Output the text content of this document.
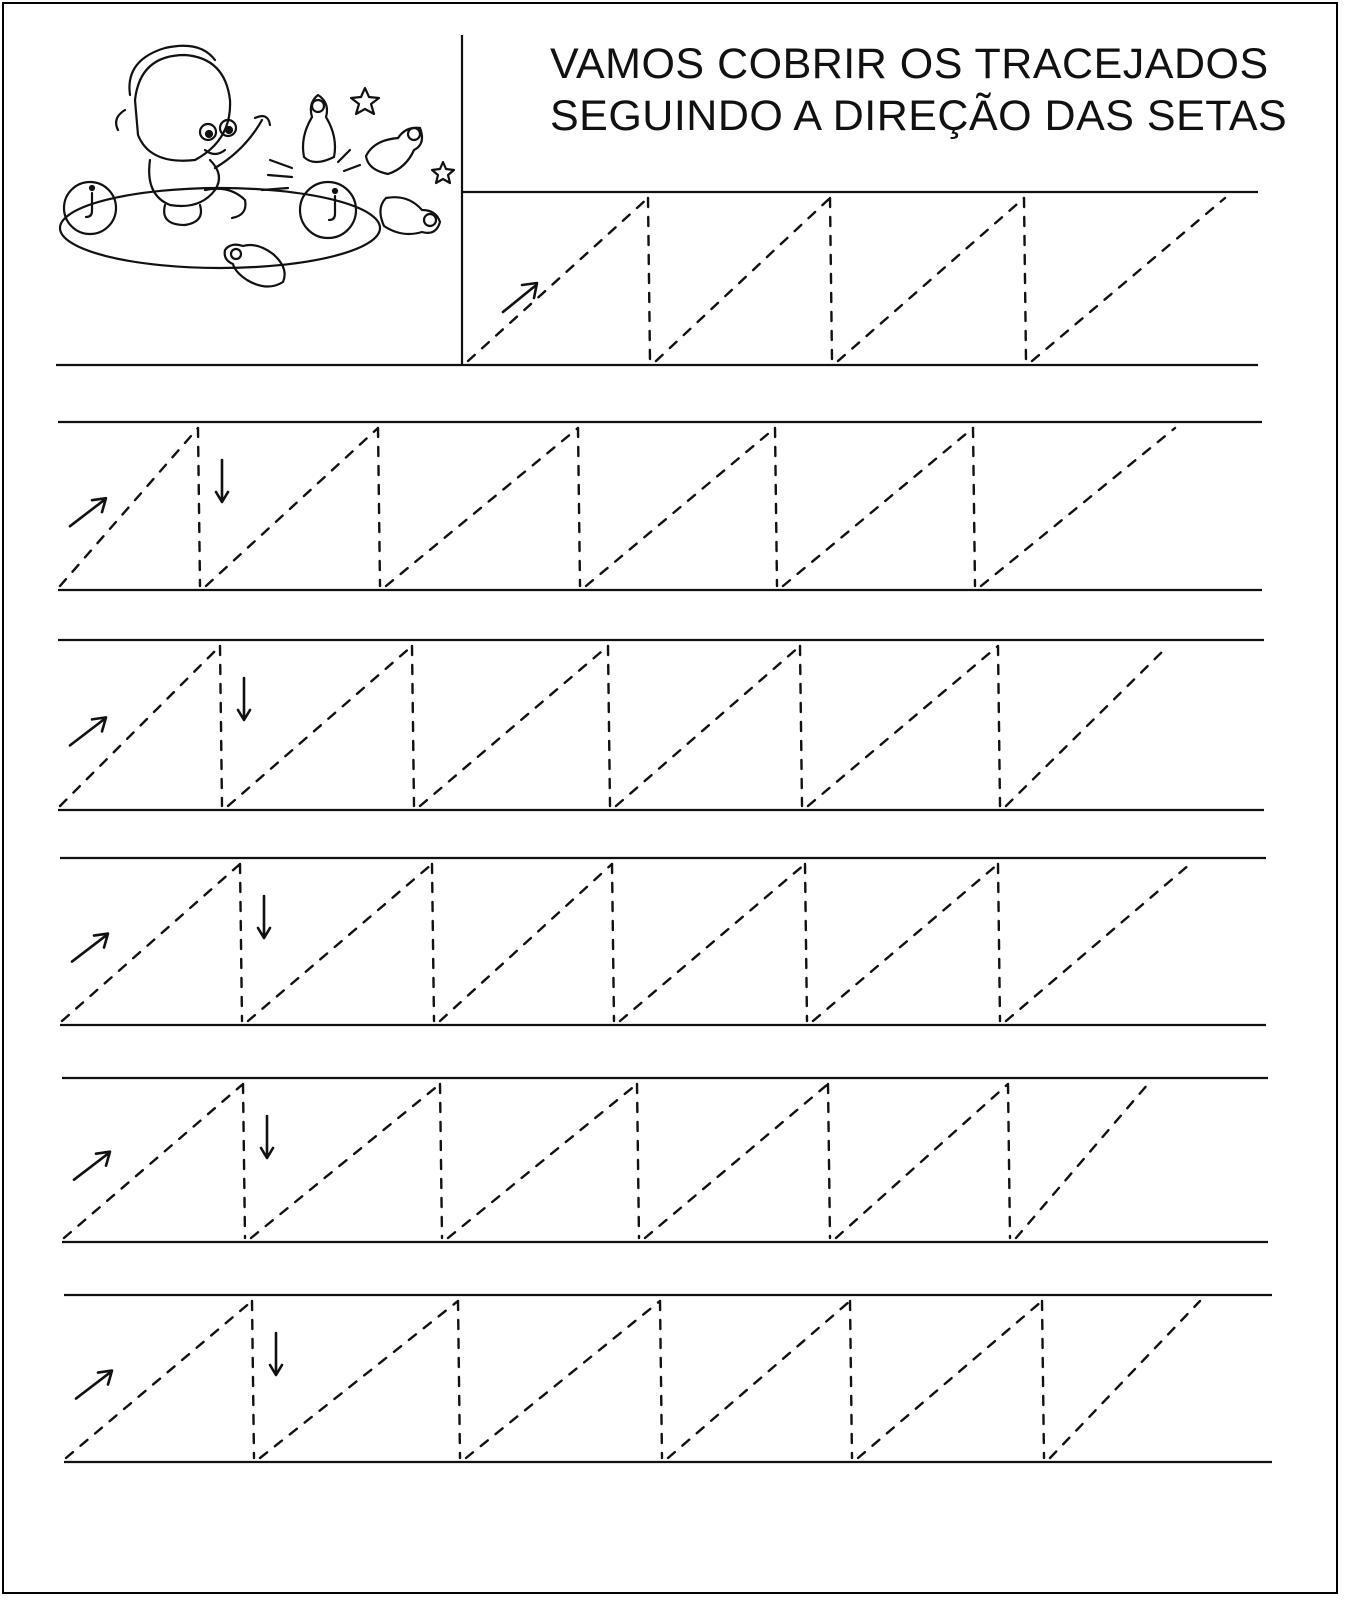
VAMOS COBRIR OS TRACEJADOS
SEGUINDO A DIREÇÃO DAS SETAS
